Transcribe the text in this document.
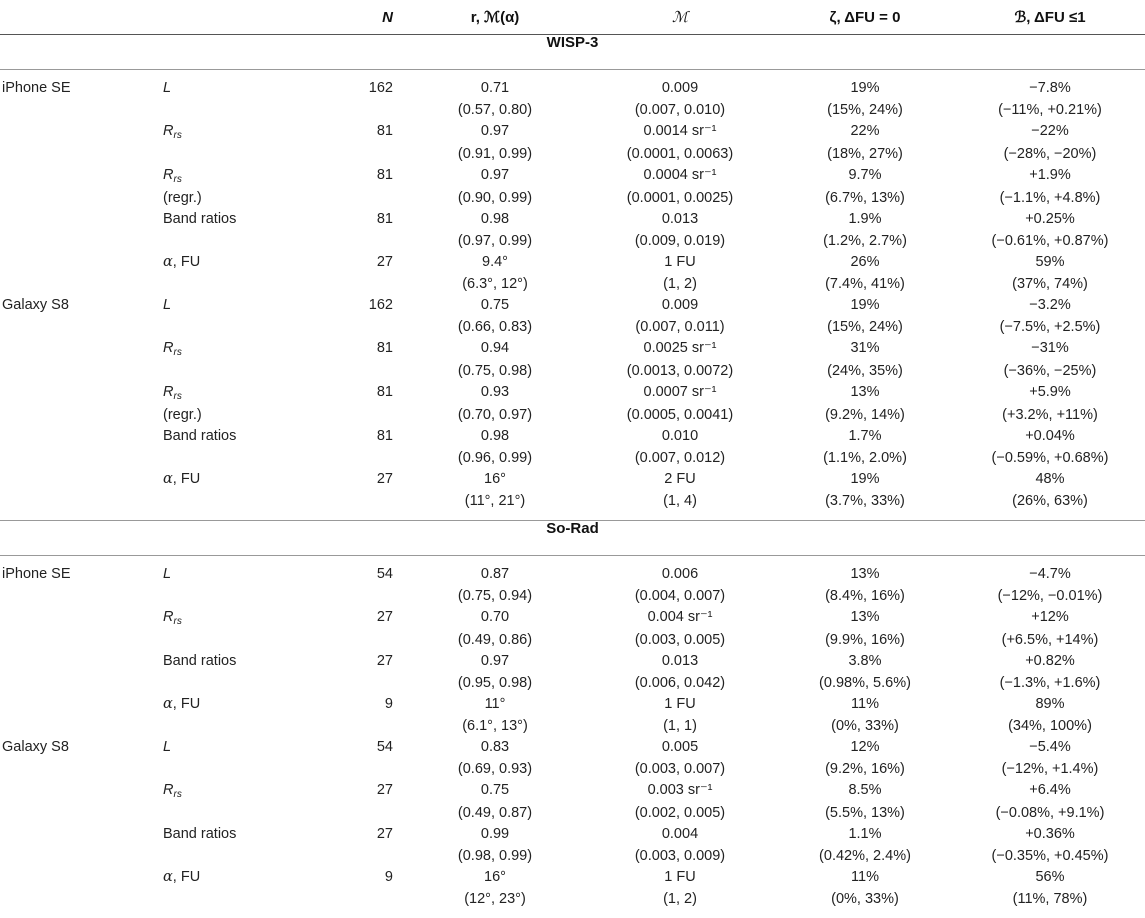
		N	r, ℳ(α)	ℳ	ζ, ΔFU = 0	ℬ, ΔFU ≤1
WISP-3						

iPhone SE	L	162	0.71	0.009	19%	−7.8%
			(0.57, 0.80)	(0.007, 0.010)	(15%, 24%)	(−11%, +0.21%)
	$R_{rs}$	81	0.97	0.0014 sr⁻¹	22%	−22%
			(0.91, 0.99)	(0.0001, 0.0063)	(18%, 27%)	(−28%, −20%)
	$R_{rs}$	81	0.97	0.0004 sr⁻¹	9.7%	+1.9%
	(regr.)		(0.90, 0.99)	(0.0001, 0.0025)	(6.7%, 13%)	(−1.1%, +4.8%)
	Band ratios	81	0.98	0.013	1.9%	+0.25%
			(0.97, 0.99)	(0.009, 0.019)	(1.2%, 2.7%)	(−0.61%, +0.87%)
	α, FU	27	9.4°	1 FU	26%	59%
			(6.3°, 12°)	(1, 2)	(7.4%, 41%)	(37%, 74%)
Galaxy S8	L	162	0.75	0.009	19%	−3.2%
			(0.66, 0.83)	(0.007, 0.011)	(15%, 24%)	(−7.5%, +2.5%)
	$R_{rs}$	81	0.94	0.0025 sr⁻¹	31%	−31%
			(0.75, 0.98)	(0.0013, 0.0072)	(24%, 35%)	(−36%, −25%)
	$R_{rs}$	81	0.93	0.0007 sr⁻¹	13%	+5.9%
	(regr.)		(0.70, 0.97)	(0.0005, 0.0041)	(9.2%, 14%)	(+3.2%, +11%)
	Band ratios	81	0.98	0.010	1.7%	+0.04%
			(0.96, 0.99)	(0.007, 0.012)	(1.1%, 2.0%)	(−0.59%, +0.68%)
	α, FU	27	16°	2 FU	19%	48%
			(11°, 21°)	(1, 4)	(3.7%, 33%)	(26%, 63%)

So-Rad						

iPhone SE	L	54	0.87	0.006	13%	−4.7%
			(0.75, 0.94)	(0.004, 0.007)	(8.4%, 16%)	(−12%, −0.01%)
	$R_{rs}$	27	0.70	0.004 sr⁻¹	13%	+12%
			(0.49, 0.86)	(0.003, 0.005)	(9.9%, 16%)	(+6.5%, +14%)
	Band ratios	27	0.97	0.013	3.8%	+0.82%
			(0.95, 0.98)	(0.006, 0.042)	(0.98%, 5.6%)	(−1.3%, +1.6%)
	α, FU	9	11°	1 FU	11%	89%
			(6.1°, 13°)	(1, 1)	(0%, 33%)	(34%, 100%)
Galaxy S8	L	54	0.83	0.005	12%	−5.4%
			(0.69, 0.93)	(0.003, 0.007)	(9.2%, 16%)	(−12%, +1.4%)
	$R_{rs}$	27	0.75	0.003 sr⁻¹	8.5%	+6.4%
			(0.49, 0.87)	(0.002, 0.005)	(5.5%, 13%)	(−0.08%, +9.1%)
	Band ratios	27	0.99	0.004	1.1%	+0.36%
			(0.98, 0.99)	(0.003, 0.009)	(0.42%, 2.4%)	(−0.35%, +0.45%)
	α, FU	9	16°	1 FU	11%	56%
			(12°, 23°)	(1, 2)	(0%, 33%)	(11%, 78%)
